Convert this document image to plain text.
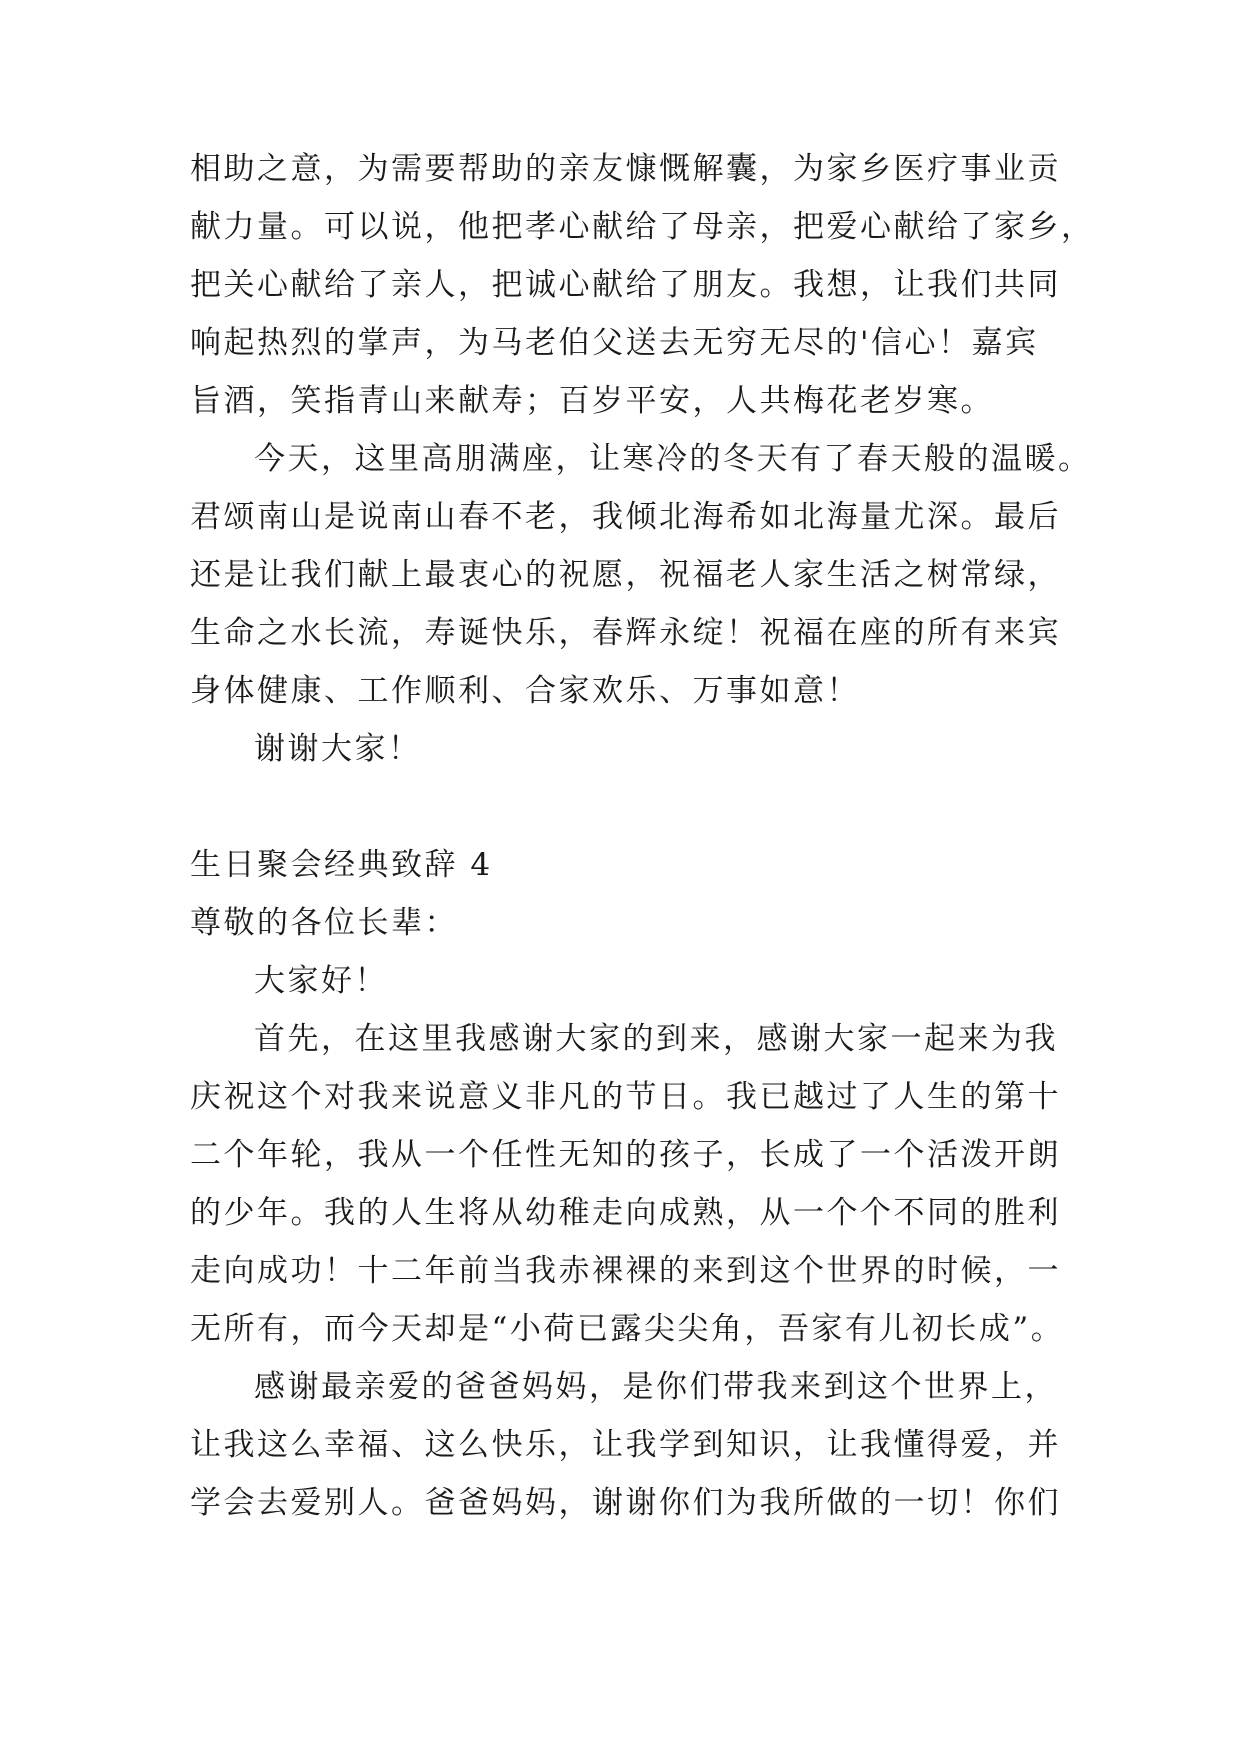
相助之意，为需要帮助的亲友慷慨解囊，为家乡医疗事业贡
献力量。可以说，他把孝心献给了母亲，把爱心献给了家乡，
把关心献给了亲人，把诚心献给了朋友。我想，让我们共同
响起热烈的掌声，为马老伯父送去无穷无尽的'信心！嘉宾
旨酒，笑指青山来献寿；百岁平安，人共梅花老岁寒。
今天，这里高朋满座，让寒冷的冬天有了春天般的温暖。
君颂南山是说南山春不老，我倾北海希如北海量尤深。最后
还是让我们献上最衷心的祝愿，祝福老人家生活之树常绿，
生命之水长流，寿诞快乐，春辉永绽！祝福在座的所有来宾
身体健康、工作顺利、合家欢乐、万事如意！
谢谢大家！
生日聚会经典致辞 4
尊敬的各位长辈：
大家好！
首先，在这里我感谢大家的到来，感谢大家一起来为我
庆祝这个对我来说意义非凡的节日。我已越过了人生的第十
二个年轮，我从一个任性无知的孩子，长成了一个活泼开朗
的少年。我的人生将从幼稚走向成熟，从一个个不同的胜利
走向成功！十二年前当我赤裸裸的来到这个世界的时候，一
无所有，而今天却是“小荷已露尖尖角，吾家有儿初长成”。
感谢最亲爱的爸爸妈妈，是你们带我来到这个世界上，
让我这么幸福、这么快乐，让我学到知识，让我懂得爱，并
学会去爱别人。爸爸妈妈，谢谢你们为我所做的一切！你们
